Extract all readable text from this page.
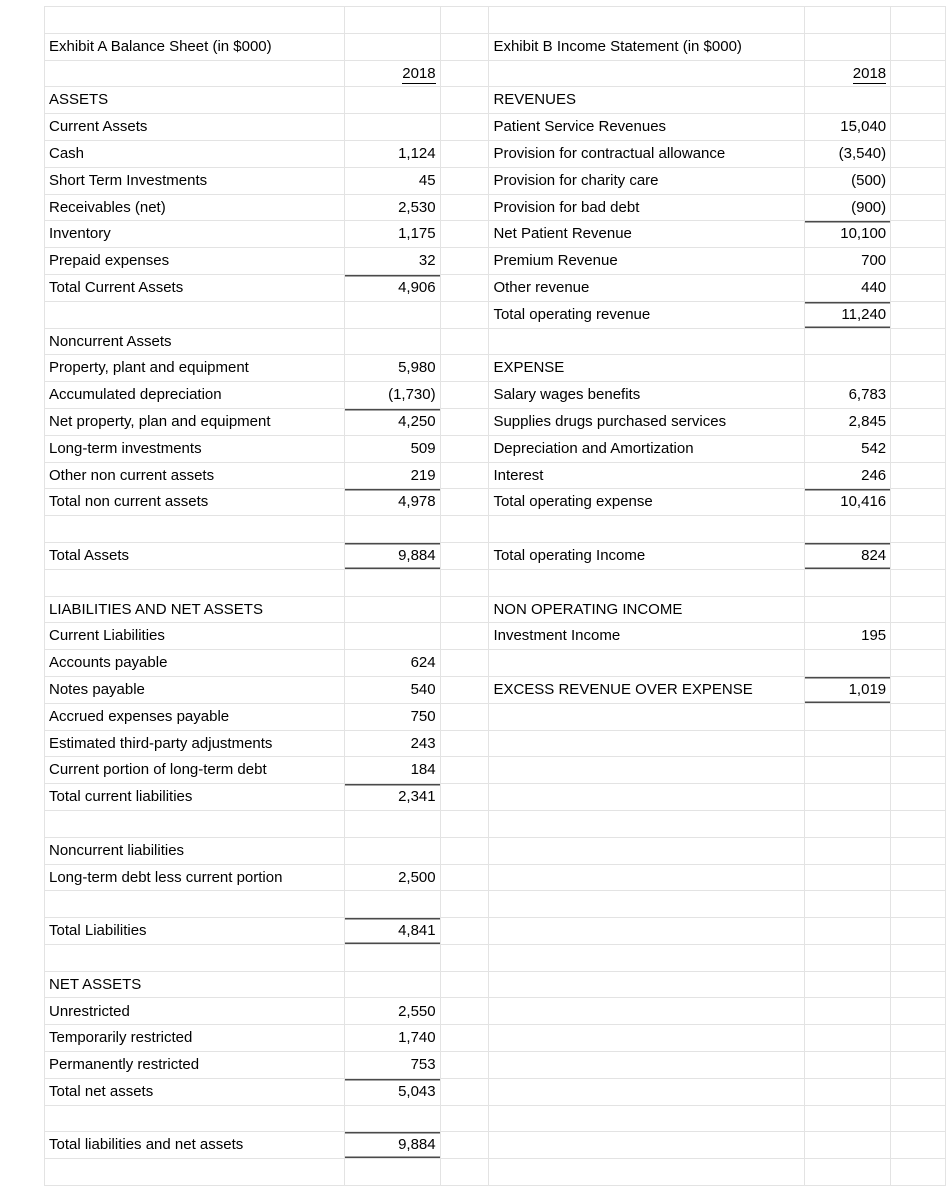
Exhibit A Balance Sheet (in $000)			Exhibit B Income Statement (in $000)		
	2018			2018	

ASSETS			REVENUES		

Current Assets			Patient Service Revenues	15,040	

Cash	1,124		Provision for contractual allowance	(3,540)	

Short Term Investments	45		Provision for charity care	(500)	

Receivables (net)	2,530		Provision for bad debt	(900)	

Inventory	1,175		Net Patient Revenue	10,100	

Prepaid expenses	32		Premium Revenue	700	

Total Current Assets	4,906		Other revenue	440	

			Total operating revenue	11,240	

Noncurrent Assets					

Property, plant and equipment	5,980		EXPENSE		

Accumulated depreciation	(1,730)		Salary wages benefits	6,783	

Net property, plan and equipment	4,250		Supplies drugs purchased services	2,845	

Long-term investments	509		Depreciation and Amortization	542	

Other non current assets	219		Interest	246	

Total non current assets	4,978		Total operating expense	10,416	

Total Assets	9,884		Total operating Income	824	

LIABILITIES AND NET ASSETS			NON OPERATING INCOME		

Current Liabilities			Investment Income	195	

Accounts payable	624		

Notes payable	540		EXCESS REVENUE OVER EXPENSE	1,019	

Accrued expenses payable	750		

Estimated third-party adjustments	243		

Current portion of long-term debt	184		

Total current liabilities	2,341		

Noncurrent liabilities					

Long-term debt less current portion	2,500		

Total Liabilities	4,841		

NET ASSETS					

Unrestricted	2,550		

Temporarily restricted	1,740		

Permanently restricted	753		

Total net assets	5,043		

Total liabilities and net assets	9,884		
